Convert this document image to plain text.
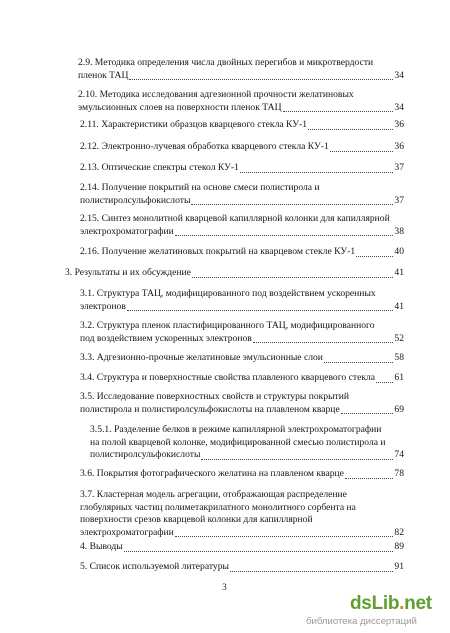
2.9. Методика определения числа двойных перегибов и микротвердости
пленок ТАЦ	34
2.10. Методика исследования адгезионной прочности желатиновых
эмульсионных слоев на поверхности пленок ТАЦ	34
2.11. Характеристики образцов кварцевого стекла КУ-1	36
2.12. Электронно-лучевая обработка кварцевого стекла КУ-1	36
2.13. Оптические спектры стекол КУ-1	37
2.14. Получение покрытий на основе смеси полистирола и
полистиролсульфокислоты	37
2.15. Синтез монолитной кварцевой капиллярной колонки для капиллярной
электрохроматографии	38
2.16. Получение желатиновых покрытий на кварцевом стекле КУ-1	40
3. Результаты и их обсуждение	41
3.1. Структура ТАЦ, модифицированного под воздействием ускоренных
электронов	41
3.2. Структура пленок пластифицированного ТАЦ, модифицированного
под воздействием ускоренных электронов	52
3.3. Адгезионно-прочные желатиновые эмульсионные слои	58
3.4. Структура и поверхностные свойства плавленого кварцевого стекла 61
3.5. Исследование поверхностных свойств и структуры покрытий
полистирола и полистиролсульфокислоты на плавленом кварце	69
3.5.1. Разделение белков в режиме капиллярной электрохроматографии
на полой кварцевой колонке, модифицированной смесью полистирола и
полистиролсульфокислоты	74
3.6. Покрытия фотографического желатина на плавленом кварце	78
3.7. Кластерная модель агрегации, отображающая распределение
глобулярных частиц полиметакрилатного монолитного сорбента на
поверхности срезов кварцевой колонки для капиллярной
электрохроматографии	82
4. Выводы	89
5. Список используемой литературы	91
3
dsLib.net
библиотека диссертаций
